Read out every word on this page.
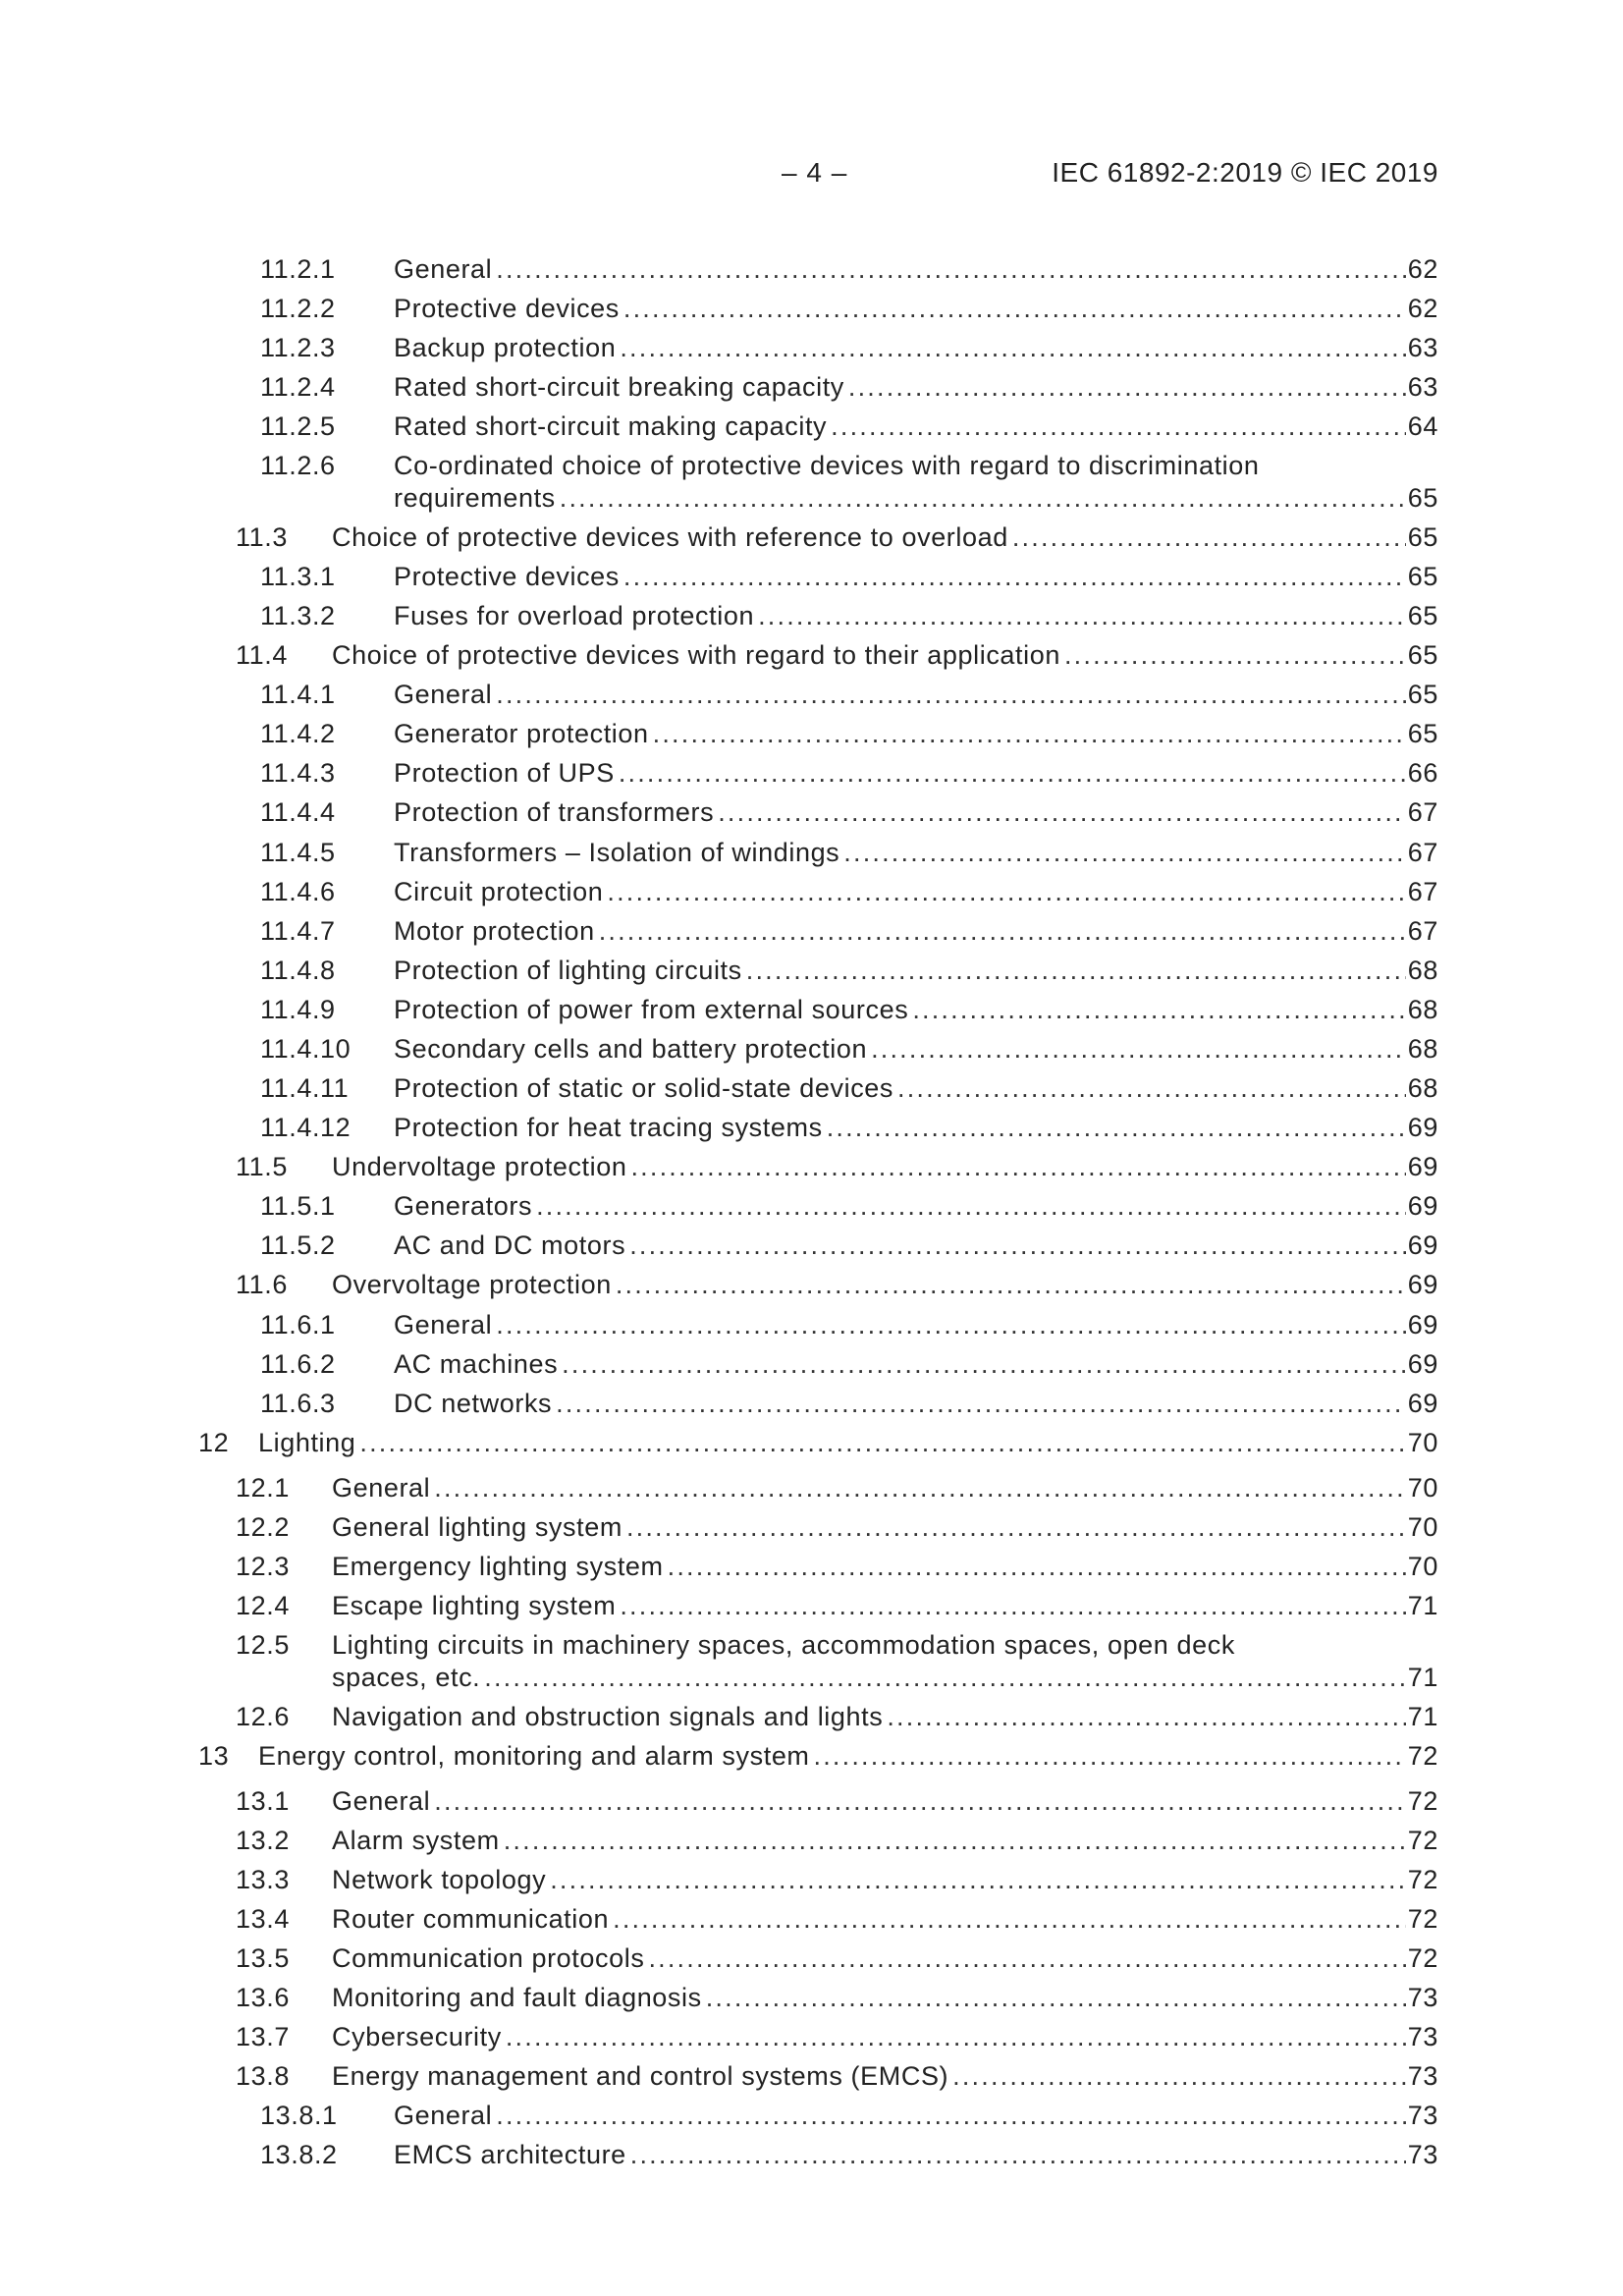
– 4 –	IEC 61892-2:2019 © IEC 2019
11.2.1 General .....	62
11.2.2 Protective devices .....	62
11.2.3 Backup protection .....	63
11.2.4 Rated short-circuit breaking capacity .....	63
11.2.5 Rated short-circuit making capacity .....	64
11.2.6 Co-ordinated choice of protective devices with regard to discrimination
requirements .....	65
11.3 Choice of protective devices with reference to overload .....	65
11.3.1 Protective devices .....	65
11.3.2 Fuses for overload protection .....	65
11.4 Choice of protective devices with regard to their application .....	65
11.4.1 General .....	65
11.4.2 Generator protection .....	65
11.4.3 Protection of UPS .....	66
11.4.4 Protection of transformers .....	67
11.4.5 Transformers – Isolation of windings .....	67
11.4.6 Circuit protection .....	67
11.4.7 Motor protection .....	67
11.4.8 Protection of lighting circuits .....	68
11.4.9 Protection of power from external sources .....	68
11.4.10 Secondary cells and battery protection .....	68
11.4.11 Protection of static or solid-state devices .....	68
11.4.12 Protection for heat tracing systems .....	69
11.5 Undervoltage protection .....	69
11.5.1 Generators .....	69
11.5.2 AC and DC motors .....	69
11.6 Overvoltage protection .....	69
11.6.1 General .....	69
11.6.2 AC machines .....	69
11.6.3 DC networks .....	69
12 Lighting .....	70
12.1 General .....	70
12.2 General lighting system .....	70
12.3 Emergency lighting system .....	70
12.4 Escape lighting system .....	71
12.5 Lighting circuits in machinery spaces, accommodation spaces, open deck
spaces, etc. .....	71
12.6 Navigation and obstruction signals and lights .....	71
13 Energy control, monitoring and alarm system .....	72
13.1 General .....	72
13.2 Alarm system .....	72
13.3 Network topology .....	72
13.4 Router communication .....	72
13.5 Communication protocols .....	72
13.6 Monitoring and fault diagnosis .....	73
13.7 Cybersecurity .....	73
13.8 Energy management and control systems (EMCS) .....	73
13.8.1 General .....	73
13.8.2 EMCS architecture .....	73
